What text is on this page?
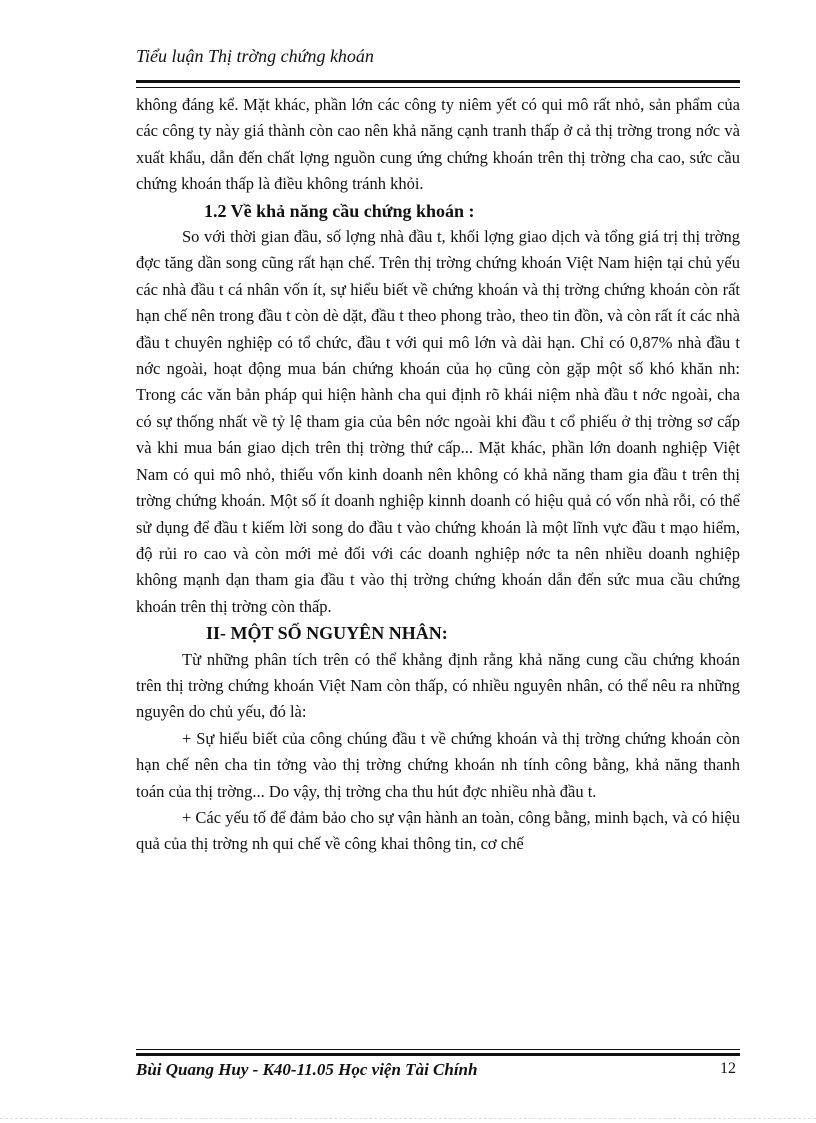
Tiểu luận Thị trờng chứng khoán

không đáng kể. Mặt khác, phần lớn các công ty niêm yết có qui mô rất nhỏ, sản phẩm của các công ty này giá thành còn cao nên khả năng cạnh tranh thấp ở cả thị trờng trong nớc và xuất khẩu, dẫn đến chất lợng nguồn cung ứng chứng khoán trên thị trờng cha cao, sức cầu chứng khoán thấp là điều không tránh khỏi.

1.2 Về khả năng cầu chứng khoán :

So với thời gian đầu, số lợng nhà đầu t, khối lợng giao dịch và tổng giá trị thị trờng đợc tăng dần song cũng rất hạn chế. Trên thị trờng chứng khoán Việt Nam hiện tại chủ yếu các nhà đầu t cá nhân vốn ít, sự hiểu biết về chứng khoán và thị trờng chứng khoán còn rất hạn chế nên trong đầu t còn dè dặt, đầu t theo phong trào, theo tin đồn, và còn rất ít các nhà đầu t chuyên nghiệp có tổ chức, đầu t với qui mô lớn và dài hạn. Chỉ có 0,87% nhà đầu t nớc ngoài, hoạt động mua bán chứng khoán của họ cũng còn gặp một số khó khăn nh: Trong các văn bản pháp qui hiện hành cha qui định rõ khái niệm nhà đầu t nớc ngoài, cha có sự thống nhất về tỷ lệ tham gia của bên nớc ngoài khi đầu t cổ phiếu ở thị trờng sơ cấp và khi mua bán giao dịch trên thị trờng thứ cấp... Mặt khác, phần lớn doanh nghiệp Việt Nam có qui mô nhỏ, thiếu vốn kinh doanh nên không có khả năng tham gia đầu t trên thị trờng chứng khoán. Một số ít doanh nghiệp kinnh doanh có hiệu quả có vốn nhà rỗi, có thể sử dụng để đầu t kiếm lời song do đầu t vào chứng khoán là một lĩnh vực đầu t mạo hiểm, độ rủi ro cao và còn mới mẻ đối với các doanh nghiệp nớc ta nên nhiều doanh nghiệp không mạnh dạn tham gia đầu t vào thị trờng chứng khoán dẫn đến sức mua cầu chứng khoán trên thị trờng còn thấp.

II- MỘT SỐ NGUYÊN NHÂN:

Từ những phân tích trên có thể khẳng định rằng khả năng cung cầu chứng khoán trên thị trờng chứng khoán Việt Nam còn thấp, có nhiều nguyên nhân, có thể nêu ra những nguyên do chủ yếu, đó là:

+ Sự hiểu biết của công chúng đầu t về chứng khoán và thị trờng chứng khoán còn hạn chế nên cha tin tởng vào thị trờng chứng khoán nh tính công bằng, khả năng thanh toán của thị trờng... Do vậy, thị trờng cha thu hút đợc nhiều nhà đầu t.

+ Các yếu tố để đảm bảo cho sự vận hành an toàn, công bằng, minh bạch, và có hiệu quả của thị trờng nh qui chế về công khai thông tin, cơ chế

Bùi Quang Huy - K40-11.05 Học viện Tài Chính	12
